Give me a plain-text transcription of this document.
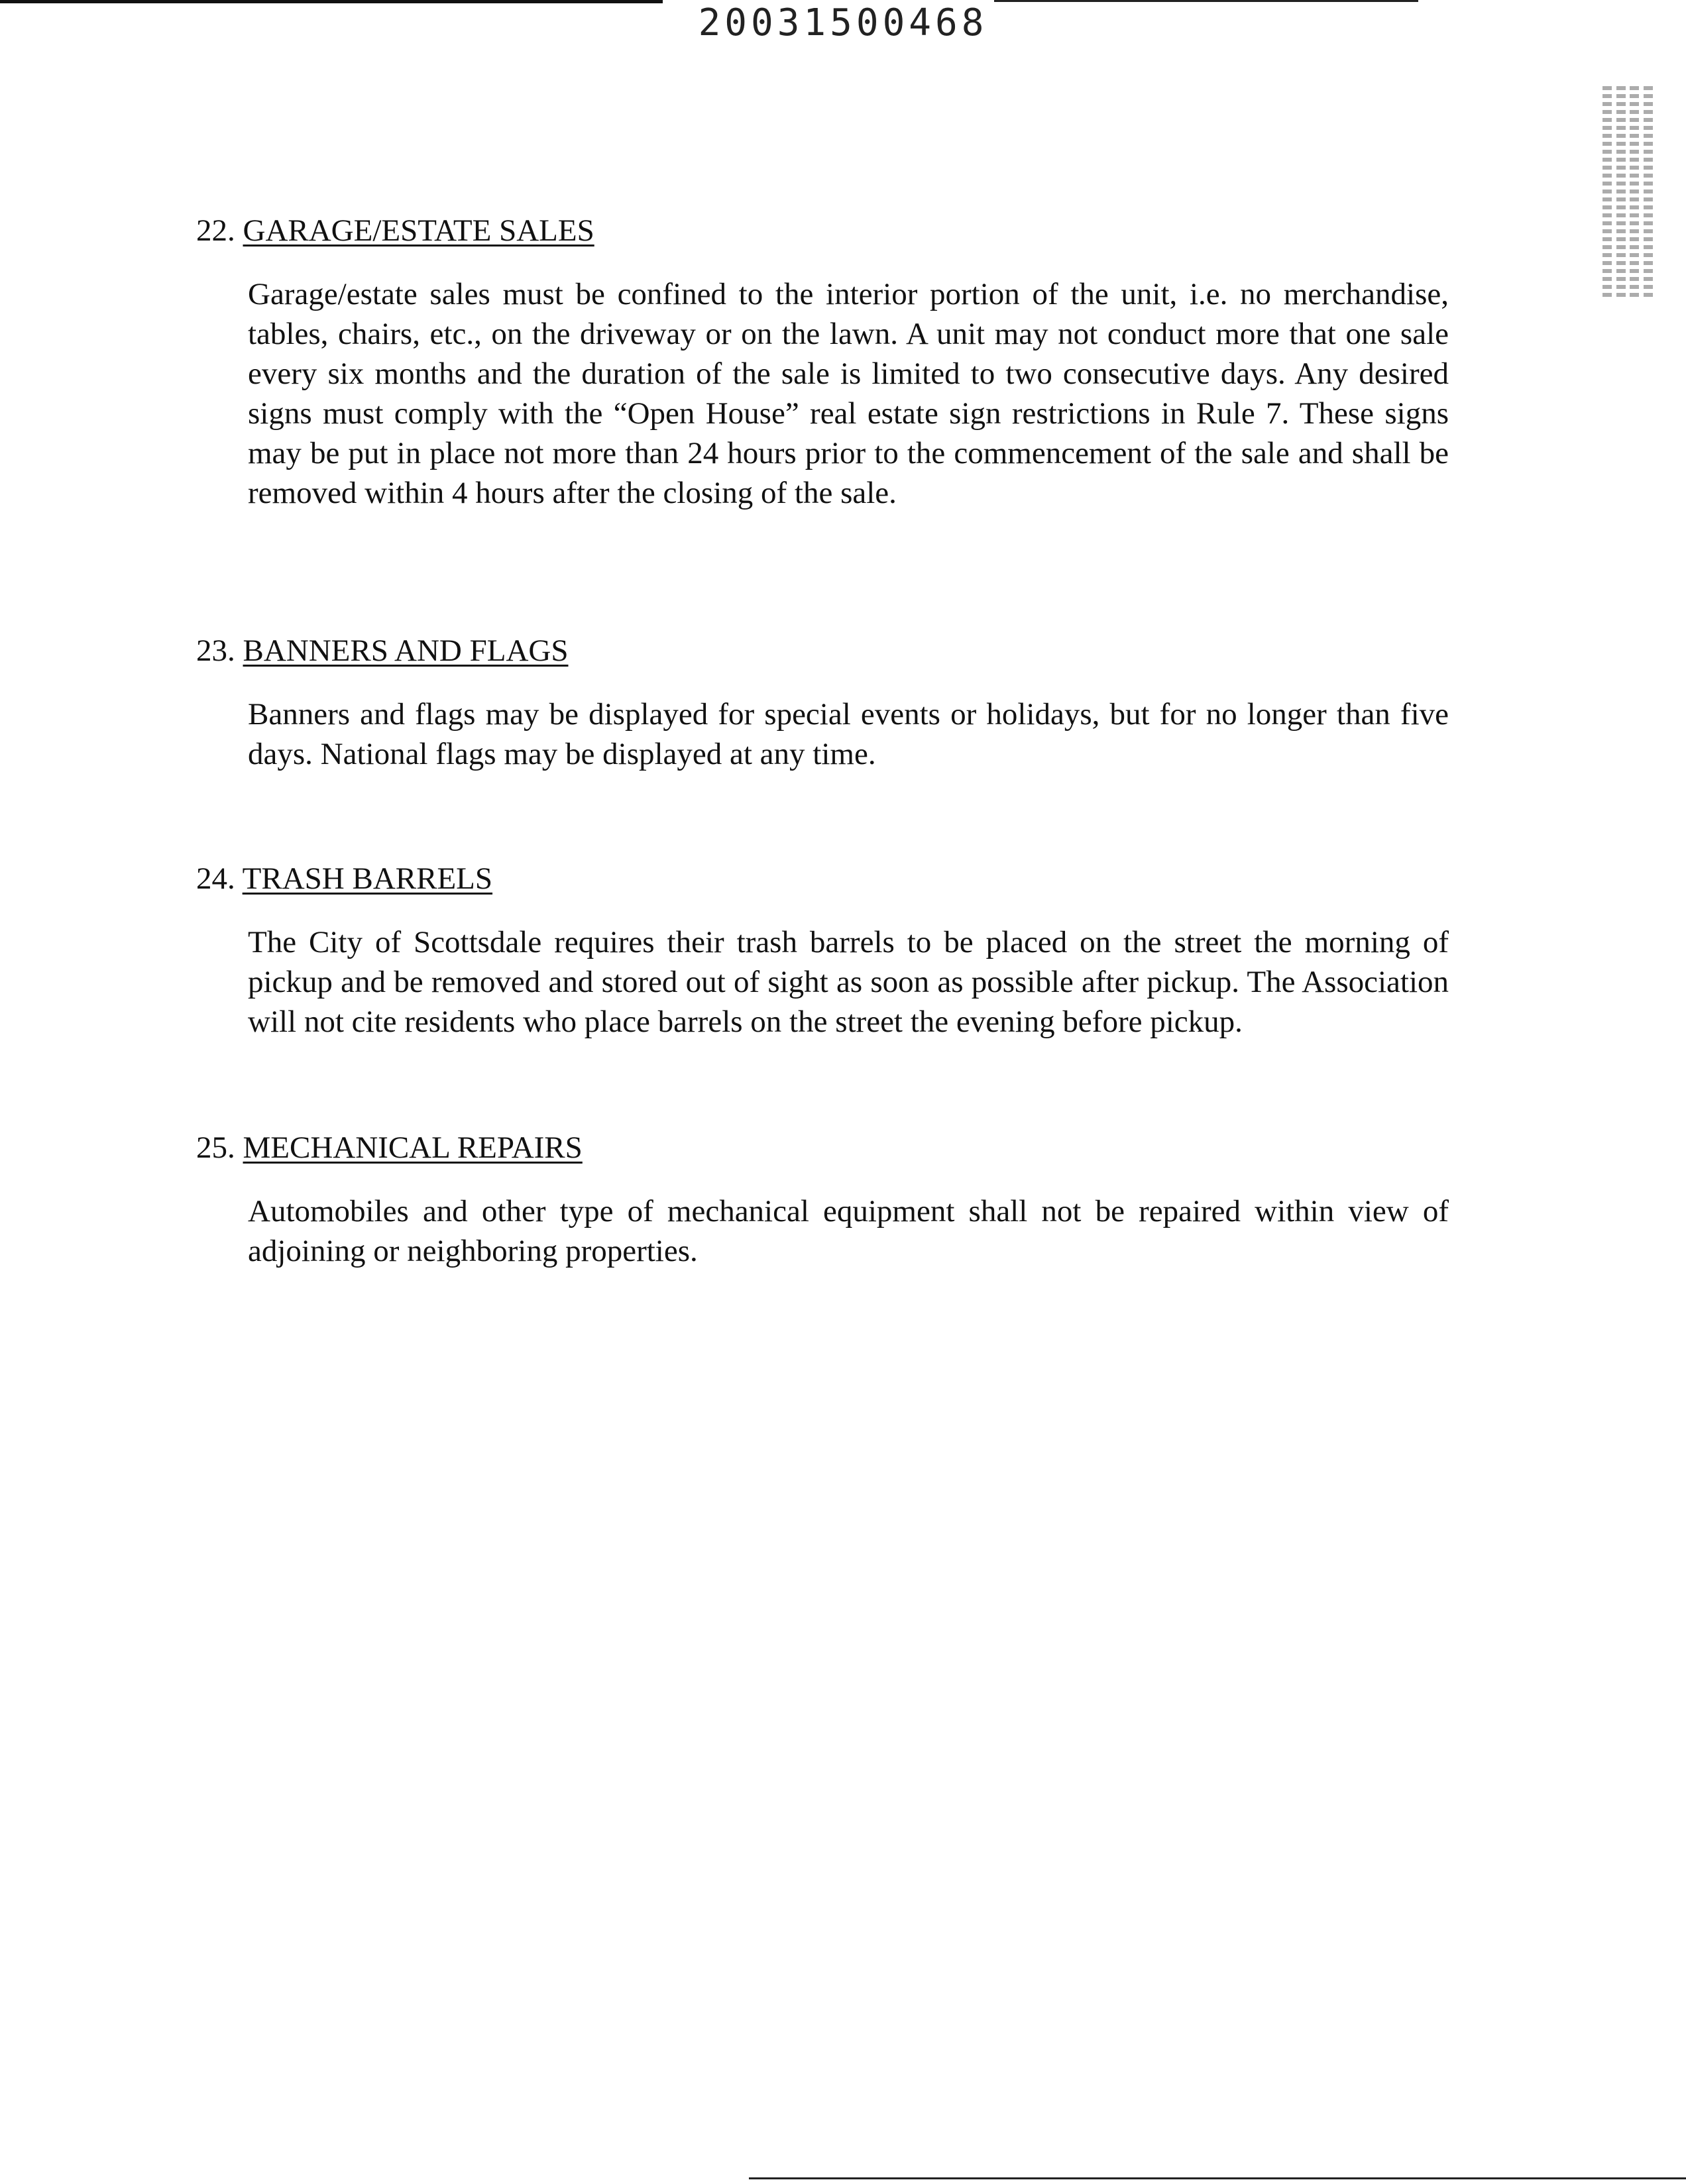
20031500468
22. GARAGE/ESTATE SALES
Garage/estate sales must be confined to the interior portion of the unit, i.e. no merchandise, tables, chairs, etc., on the driveway or on the lawn. A unit may not conduct more that one sale every six months and the duration of the sale is limited to two consecutive days. Any desired signs must comply with the “Open House” real estate sign restrictions in Rule 7. These signs may be put in place not more than 24 hours prior to the commencement of the sale and shall be removed within 4 hours after the closing of the sale.
23. BANNERS AND FLAGS
Banners and flags may be displayed for special events or holidays, but for no longer than five days. National flags may be displayed at any time.
24. TRASH BARRELS
The City of Scottsdale requires their trash barrels to be placed on the street the morning of pickup and be removed and stored out of sight as soon as possible after pickup. The Association will not cite residents who place barrels on the street the evening before pickup.
25. MECHANICAL REPAIRS
Automobiles and other type of mechanical equipment shall not be repaired within view of adjoining or neighboring properties.
